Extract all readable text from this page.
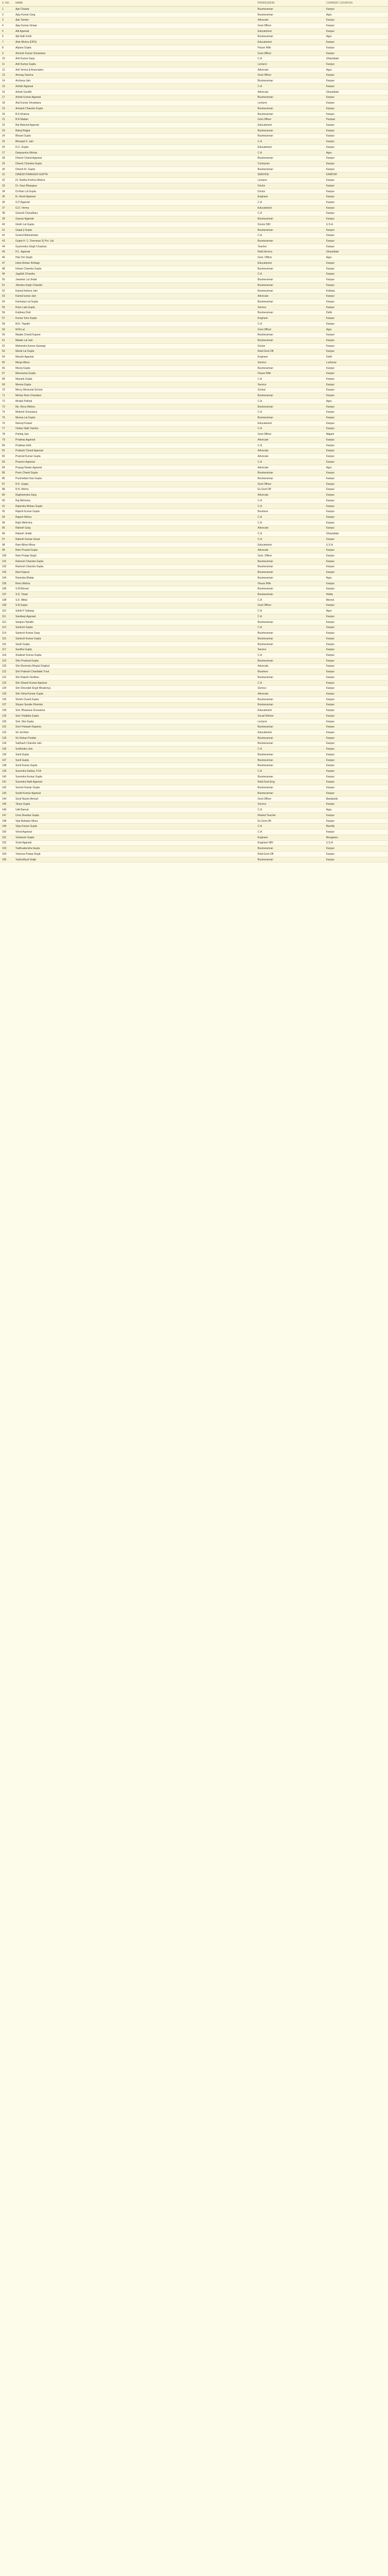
S. NO.	NAME	PROFESSION	CURRENT LOCATION
1	Ajai Chawla	Businessman	Kanpur
2	Ajay Kumar Garg	Businessman	Agra
3	Ajai Tandon	Advocate	Kanpur
4	Ajay Kumar Ishwar	Govt.Officer	Kanpur
5	Adi Agarwal	Educationist	Kanpur
6	Ajit Nath Kohli	Businessman	Agra
7	Alok Mishra (DPS)	Educationist	Kanpur
8	Alpana Gupta	House Wife	Kanpur
9	Amresh Kumar Srivastava	Govt.Officer	Kanpur
10	Anil Kumar Garg	C.A	Ghaziabad
11	Anil Kumar Gupta	Lecturer	Kanpur
12	Anil Verma & Associates	Advocate	Agra
13	Anurag Saxena	Govt.Officer	Kanpur
14	Archana Jain	Businessman	Kanpur
15	Ashish Agarwal	C.A	Kanpur
16	Ashok Gandhi	Advocate	Ghaziabad
17	Ashok Kumar Agarwal	Businessman	Kanpur
18	Atul Kumar Srivastava	Lecturer	Kanpur
19	Avinash Chandra Gupta	Businessman	Kanpur
20	B.K.Khanna	Businessman	Kanpur
21	B.R.Madan	Govt.Officer	Panipat
22	Bal Mukund Agarwal	Educationist	Kanpur
23	Balraj Rajpal	Businessman	Kanpur
24	Bharat Gupta	Businessman	Kanpur
25	Bhoopal S. Jain	C.A	Kanpur
26	D.C. Gupta	Educationist	Kanpur
27	Deepanshu Mohan	C.A	Agra
28	Dinesh Chand Agarwal	Businessman	Kanpur
29	Dinesh Chandra Gupta	Contractor	Kanpur
30	Dinesh Kr. Gupta	Businessman	Kanpur
31	DINESH PRAKASH GUPTA	SERVICE	KANPUR
32	Dr. Radha Krishna Mishra	Lecturer	Kanpur
33	Dr. Gaur Bhargava	Doctor	Kanpur
34	Dr.Ram Lal Gupta	Doctor	Kanpur
35	Er. Anish Agarwal	Engineer	Kanpur
36	G P Agarwal	C.A	Kanpur
37	G.D. Verma	Educationist	Kanpur
38	Ganesh Chaudhary	C.A	Kanpur
39	Gaurav Agarwal	Businessman	Kanpur
40	Girish Lal Gupta	Doctor NRI	U.S.A
41	Gopal ji Gupta	Businessman	Kanpur
42	Govind Maheshwari	C.A	Kanpur
43	Gupta H. C. Overseas (I) Pvt. Ltd.	Businessman	Kanpur
44	Gyanendra Singh Chauhan	Teacher	Kanpur
45	H.L. Agarwal	Retd.Service	Ghaziabad
46	Hari Om Singh	Govt. Officer	Agra
47	Indra Mohan Rohtagi	Educationist	Kanpur
48	Ishwar Chandra Gupta	Businessman	Kanpur
49	Jagdish Chandra	C.A	Kanpur
50	Jawahar Lal Jindal	Businessman	Kanpur
51	Jitendra Singh Chandel	Businessman	Kanpur
52	Kamal Kishore Jain	Businessman	Kolkata
53	Kamal kumar Jain	Advocate	Kanpur
54	Kanhaiya Lal Gupta	Businessman	Kanpur
55	Kiran Lata Gupta	Service	Kanpur
56	Kuldeep Dixit	Businessman	Delhi
57	Kumar Som Gupta	Engineer	Kanpur
58	M.K. Tripathi	C.A	Kanpur
59	M.M.Lal	Govt.Officer	Agra
60	Madan Chand Kapoor	Businessman	Kanpur
61	Madan Lal Jain	Businessman	Kanpur
62	Mahendra Kumar Sarawgi	Doctor	Kanpur
63	Manik Lal Gupta	Retd.Govt.Off.	Kanpur
64	Manish Agarwal	Engineer	Delhi
65	Manju Misra	Service	Lucknow
66	Manoj Gupta	Businessman	Kanpur
67	Manorama Gupta	House Wife	Kanpur
68	Mayank Gupta	C.A	Kanpur
69	Meena Gupta	Service	Kanpur
70	Mercy Memorial School	School	Kanpur
71	Mohan Ram Chandani	Businessman	Kanpur
72	Mradul Pathak	C.A	Agra
73	Ms. Renu Mishra	Businessman	Kanpur
74	Mukesh Srivastava	C.A	Kanpur
75	Munna Lal Gupta	Businessman	Kanpur
76	Neeraj Prasad	Educationist	Kanpur
77	Omkar Nath Tandon	C.A	Kanpur
78	Pankaj Jain	Govt.Officer	Aligarh
79	Pradeep Agarwal	Advocate	Kanpur
80	Pradeep Seth	C.A	Kanpur
81	Prakash Chand Agarwal	Advocate	Kanpur
82	Pramod Kumar Gupta	Advocate	Kanpur
83	Praveen Agarwal	C.A	Kanpur
84	Prayag Narain Agarwal	Advocate	Agra
85	Prem Chand Gupta	Businessman	Kanpur
86	Purshottam Das Gupta	Businessman	Kanpur
87	R.K. Gupta	Govt.Officer	Kanpur
88	R.N. Mehra	Ex.Govt.Off	Kanpur
89	Raghwendra Garg	Advocate	Kanpur
90	Raj Mehrotra	C.A	Kanpur
91	Rajendra Mohan Gupta	C.A	Kanpur
92	Rajesh Kumar Gupta	Business	Kanpur
93	Rajesh Mehra	C.A	Kanpur
94	Rajiv Mehrotra	C.A	Kanpur
95	Rakesh Garg	Advocate	Kanpur
96	Rakesh Jindal	C.A	Ghaziabad
97	Rakesh Kumar Goyal	C.A	Kanpur
98	Ram Bihari Misra	Educationist	U.S.A
99	Ram Prasad Gupta	Advocate	Kanpur
100	Ram Pratap Singh	Govt. Officer	Kanpur
101	Ramesh Chandra Gupta	Businessman	Kanpur
102	Ramesh Chandra Gupta	Businessman	Kanpur
103	Ravi Kapoor	Businessman	Kanpur
104	Ravindra Bhatia	Businessman	Agra
105	Renu Mishra	House Wife	Kanpur
106	S M Bhosal	Businessman	Kanpur
107	S.D. Tiwari	Businessman	Noida
108	S.K. Mittal	C.A	Meerut
109	S.N.Gupta	Govt.Officer	Kanpur
110	Sahib P Sabang	C.A	Agra
111	Sandeep Agarwal	C.A	Kanpur
112	Sanjeev Nandin	Businessman	Kanpur
113	Santosh Gupta	C.A	Kanpur
114	Santosh Kumar Garg	Businessman	Kanpur
115	Santosh Kumar Gupta	Businessman	Kanpur
116	Sashi Gupta	Businessman	Kanpur
117	Savitha Gupta	Service	Kanpur
118	Shailesh Kumar Gupta	C.A	Kanpur
119	Shiv Prashad Gupta	Businessman	Kanpur
120	Shri Munindra Mradul Singhal	Advocate	Kanpur
121	Shri Prakash Charitable Trust	Business	Kanpur
122	Shri Rajesh Verdhan	Businessman	Kanpur
123	Shri Shashi Kumar Agarwal	C.A	Kanpur
124	Shri Sheodatt Singh Bhadoriya	Service	Kanpur
125	Shri Vimal Kumar Gupta	Advocate	Kanpur
126	Shrish Chand Gupta	Businessman	Kanpur
127	Shyam Sunder Khemka	Businessman	Kanpur
128	Smt. Bhawana Srivastava	Educationist	Kanpur
129	Smt. Pratibha Gupta	Social Worker	Kanpur
130	Smt. Sita Gupta	Lecturer	Kanpur
131	Som Prakash Kapania	Businessman	Kanpur
132	Sri Jai Ram	Educationist	Kanpur
133	Sri Kishan Poddar	Businessman	Kanpur
134	Subhash Chandra Jain	Businessman	Kanpur
135	Sudhindra Jain	C.A	Kanpur
136	Sunil Gupta	Businessman	Kanpur
137	Sunil Gupta	Businessman	Kanpur
138	Sunil Kumar Gupta	Businessman	Kanpur
139	Surendra Kakkar, FCA	C.A	Kanpur
140	Surendra Kumar Gupta	Businessman	Kanpur
141	Surendra Nath Agarwal	Retd.Govt.Eng.	Kanpur
142	Suresh Kumar Gupta	Businessman	Kanpur
143	Sushil Kumar Agarwal	Businessman	Kanpur
144	Syed Nasim Ahmad	Govt.Officer	Barabanki
145	Tanya Gupta	Service	Kanpur
146	Udit Bansal	C.A	Agra
147	Uma Shankar Gupta	Retired Teacher	Kanpur
148	Vijai Bahadur Misra	Ex.Govt.Off.	Kanpur
149	Vijay Kumar Gupta	C.A	Bareilly
150	Vinod Agarwal	C.A	Kanpur
151	Vishwesh Gupta	Engineer	Bengaluru
152	Vivek Agarwal	Engineer NRI	U.S.A
153	Yadhvabendra Gupta	Businessman	Kanpur
154	Yamuna Pratap Singh	Retd.Govt.Off.	Kanpur
155	Yashodhyat Singh	Businessman	Kanpur
